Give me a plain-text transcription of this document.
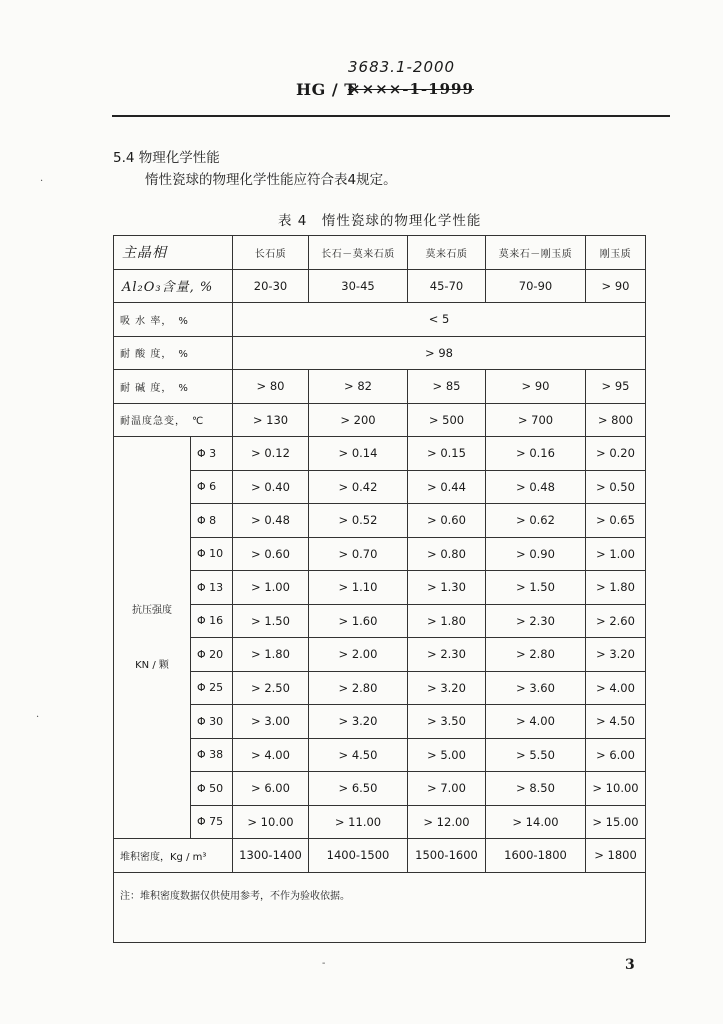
3683.1-2000
HG / T
××××-1-1999
5.4 物理化学性能
惰性瓷球的物理化学性能应符合表4规定。
表 4　惰性瓷球的物理化学性能
主晶相		长石质	长石－莫来石质	莫来石质	莫来石－刚玉质	刚玉质
Al₂O₃含量, %		20-30	30-45	45-70	70-90	> 90
吸 水 率，　%		< 5				
耐 酸 度，　%		> 98				
耐 碱 度，　%		> 80	> 82	> 85	> 90	> 95
耐温度急变，　℃		> 130	> 200	> 500	> 700	> 800

抗压强度
KN / 颗	Φ 3	> 0.12	> 0.14	> 0.15	> 0.16	> 0.20
	Φ 6	> 0.40	> 0.42	> 0.44	> 0.48	> 0.50
	Φ 8	> 0.48	> 0.52	> 0.60	> 0.62	> 0.65
	Φ 10	> 0.60	> 0.70	> 0.80	> 0.90	> 1.00
	Φ 13	> 1.00	> 1.10	> 1.30	> 1.50	> 1.80
	Φ 16	> 1.50	> 1.60	> 1.80	> 2.30	> 2.60
	Φ 20	> 1.80	> 2.00	> 2.30	> 2.80	> 3.20
	Φ 25	> 2.50	> 2.80	> 3.20	> 3.60	> 4.00
	Φ 30	> 3.00	> 3.20	> 3.50	> 4.00	> 4.50
	Φ 38	> 4.00	> 4.50	> 5.00	> 5.50	> 6.00
	Φ 50	> 6.00	> 6.50	> 7.00	> 8.50	> 10.00
	Φ 75	> 10.00	> 11.00	> 12.00	> 14.00	> 15.00
堆积密度，Kg / m³		1300-1400	1400-1500	1500-1600	1600-1800	> 1800
注：堆积密度数据仅供使用参考，不作为验收依据。						
3
·
·
-
